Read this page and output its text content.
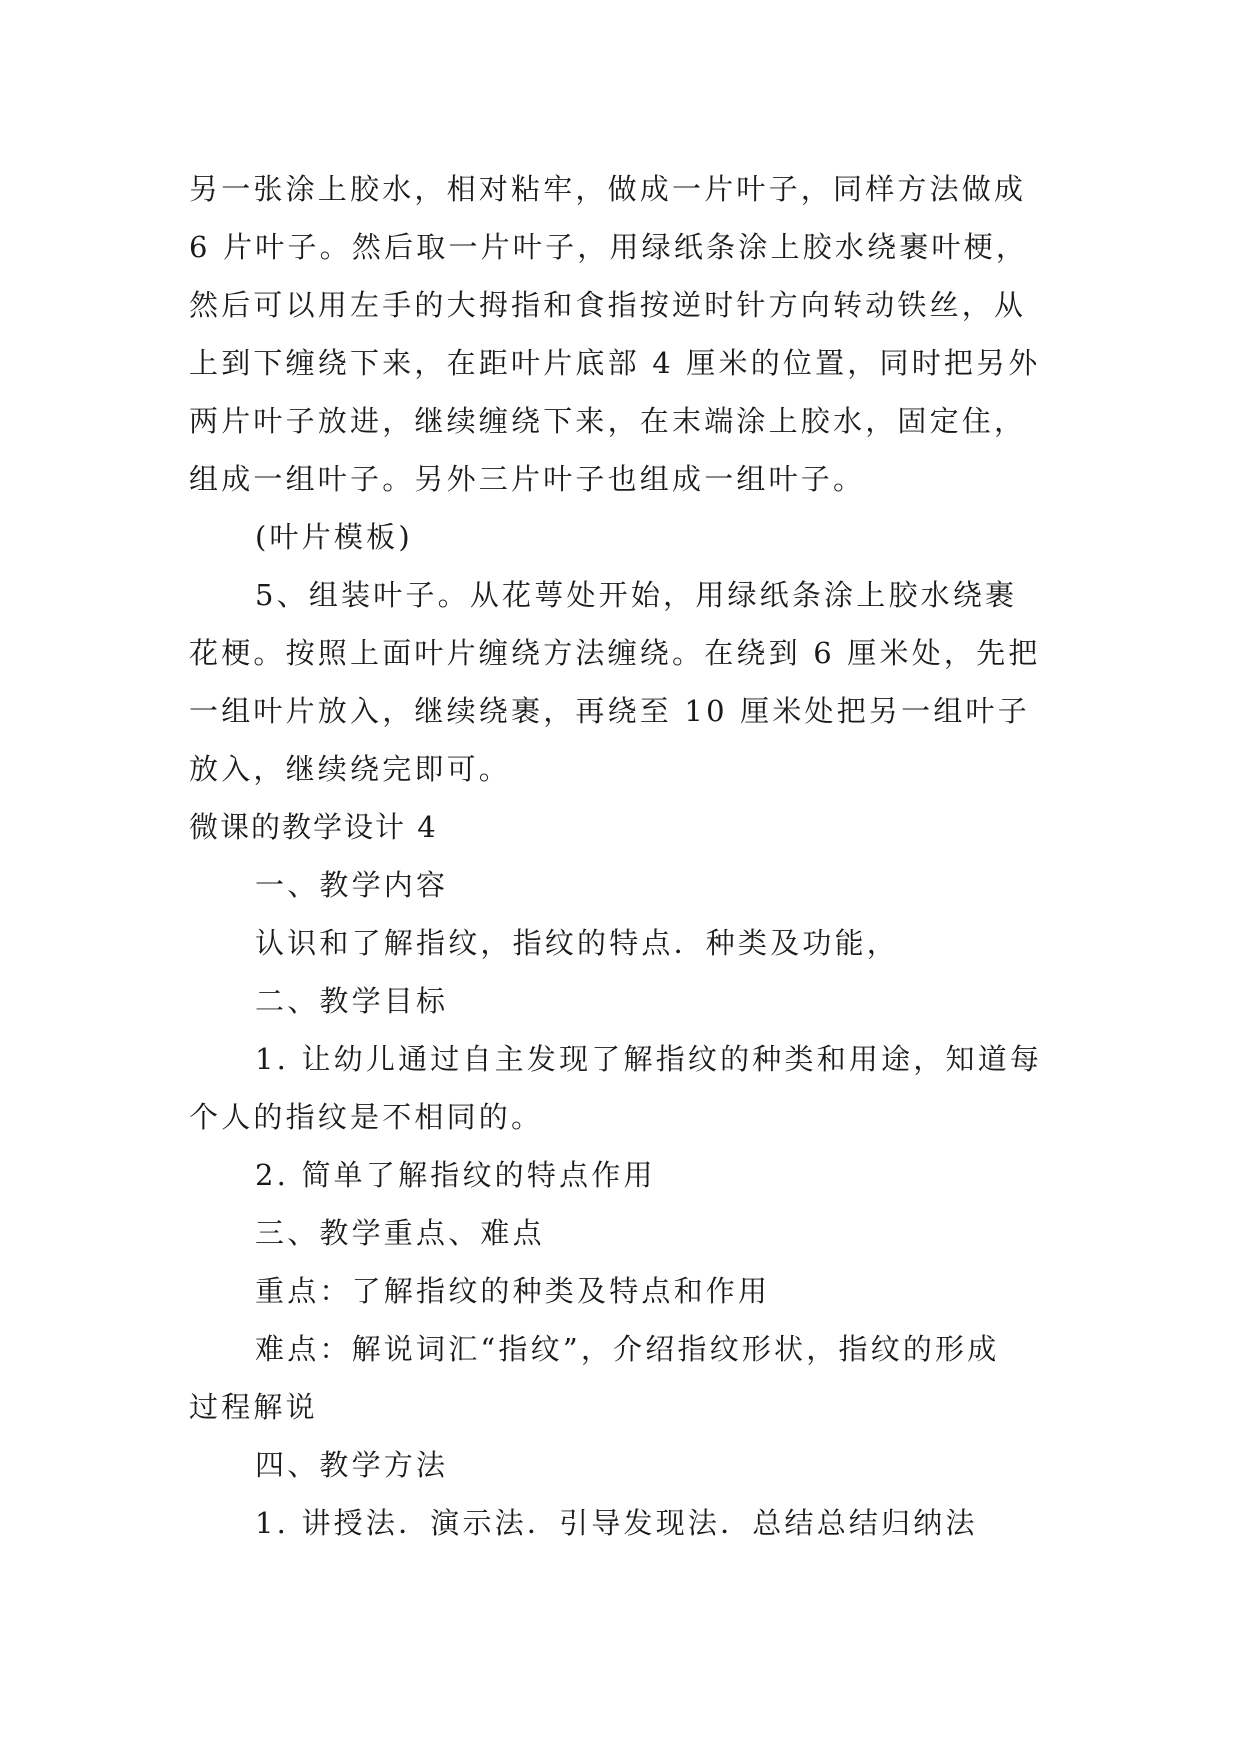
另一张涂上胶水，相对粘牢，做成一片叶子，同样方法做成
6 片叶子。然后取一片叶子，用绿纸条涂上胶水绕裹叶梗，
然后可以用左手的大拇指和食指按逆时针方向转动铁丝，从
上到下缠绕下来，在距叶片底部 4 厘米的位置，同时把另外
两片叶子放进，继续缠绕下来，在末端涂上胶水，固定住，
组成一组叶子。另外三片叶子也组成一组叶子。
(叶片模板)
5、组装叶子。从花萼处开始，用绿纸条涂上胶水绕裹
花梗。按照上面叶片缠绕方法缠绕。在绕到 6 厘米处，先把
一组叶片放入，继续绕裹，再绕至 10 厘米处把另一组叶子
放入，继续绕完即可。
微课的教学设计 4
一、教学内容
认识和了解指纹，指纹的特点．种类及功能，
二、教学目标
1. 让幼儿通过自主发现了解指纹的种类和用途，知道每
个人的指纹是不相同的。
2. 简单了解指纹的特点作用
三、教学重点、难点
重点：了解指纹的种类及特点和作用
难点：解说词汇“指纹”，介绍指纹形状，指纹的形成
过程解说
四、教学方法
1. 讲授法．演示法．引导发现法．总结总结归纳法
